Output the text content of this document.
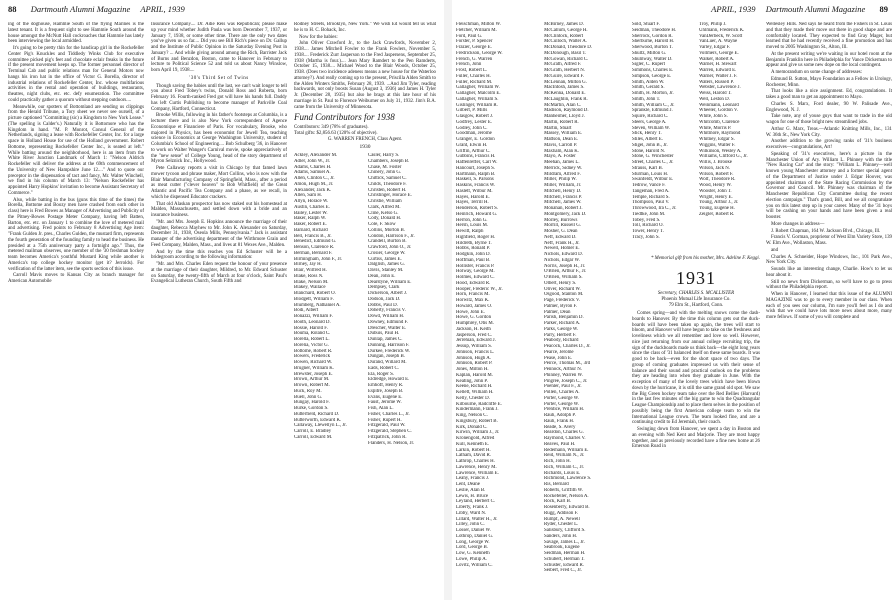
88 Dartmouth Alumni Magazine APRIL, 1939

ing of the doghouse, Hammie South of the flying Marines is the latest tenant. It is a frequent sight to see Hammie South around the house amongst the McNutt Hall cockroaches that Hammie has lately been interviewing the local armidded.

It's going to be pretty thin for the handicap girl in the Rockefeller Center Pig's Knuckles and Tiddledy Winks Club for executive committee picked pig's feet and chocolate eclair freaks in the future if the present movement keeps up. The former personnel director of Terminal Cab and public relations man for General Motors now hangs his iron hat in the office of Victor G. Borella, director of industrial relations of Rockefeller Center, Inc. whose multifarious activities in the rental and operation of buildings, restaurants, theatres, night clubs, etc. etc. defy enumeration. The committee could practically gather a quorum without stepping outdoors....

Meanwhile, our spotters of Bottomland are sending us clippings from the Herald Tribune, a Tory sheet we never see ourself, of a picture captioned "Committing (sic) a Kingdom to New York Lease." (The spelling is Calder's.) Naturally it is Bottomore who has the Kingdom in hand. "M. P. Monrot, Consul General of the Netherlands, signing a lease with Rockefeller Center, Inc. for a large space in Holland House for use of the Holland government. Robert Bottome, representing Rockefeller Center Inc., is seated at left." While batting around the neighborhood, here is an item from the White River Junction Landmark of March 1: "Nelson Aldrich Rockefeller will deliver the address at the 69th commencement of the University of New Hampshire June 12...." And to quote our preceptor in the dispensation of tact and fancy, Mr. Walter Winchell, we find in his column of March 13: "Nelson Rockefeller has appointed Harry Hopkins' invitation to become Assistant Secretary of Commerce."

Also, while batting in the bus (guns this time of the times) the Borella, Bottome and Boozy men have crashed from each other in class) here is Fred Bowes as Manager of Advertising and Publicity of the Pitney-Bowes Postage Meter Company, having left Batten, Barton, etc. etc. on January 1 to combine the love of metered mail and advertising. Fred points to February 8 Advertising Age item: "Frank Gulden Jr. pres., Charles Gulden, the mustard firm, represents the fourth generation of the founding family to head the business. He presided at a 75th anniversary party a fortnight ago." Thus, the metered mailman observes, one member of the '30 freshman hockey team becomes America's youthful Mustard King while another is America's top college hockey monitor (get it? Jerrolds). For verification of the latter item, see the sports section of this issue.

Carroll Mavis moves to Kansas City as branch manager for American Automobile

Insurance Company.... Dr. Adie Reis was Republican; please make up your mind whether Judith Paula was born December 7, 1937, or January 7, 1938, or some other time. There are the only two dates you've given us so far.... Did you see Bill Rich's piece on Dr. Gallup and the Institute of Public Opinion in the Saturday Evening Post in January? ... And while giving around among the Rich, Barrister Jack of Burns and Benzdon, Boston, came to Hanover in February to lecture to Political Science 52 and told us about Nancy Winslow, born April 19, 1938....

'30's Third Set of Twins

Though saving the babies until the last, we can't wait longer to tell you about Fred Tobey's twins, Donald Ross and Roberta, born February 16. Fourth-ranked Fred got will have his hands full. Daddy has left Curtis Publishing to become manager of Parkville Coal Company, Hartford, Connecticut.

Brooke Willis, following in his father's footsteps at Columbia, is a lecturer there and is also New York correspondent of Agence Economique et Financiere of Paris. For vocabulary, Brooke, who majored in Physics, has been economist for Jewell Tea, teaching science in Economics at George Washington University, student of Columbia's School of Engineering.... Bob Schulberg '36, in Hanover to work on Walter Wanger's Carnival movie, spoke appreciatively of the "new sense" of College Young, head of the story department of Myron Selznick Inc., Hollywood.

Pete Callaway reports a visit in Chicago by that famed lawn mower tycoon and phrase maker, Mort Collins, who is now with the Blair Manufacturing Company of Springfield, Mass., after a period as meat cutter ("clever heaven" to Bob Whitfield) of the Great Atlantic and Pacific Tea Company and a phase, as we recall, in which he dispensed Educator crackers.

That old Alaskan prospector has now staked out his homestead at Malden, Massachusetts, and settled down with a bride and an insurance business.

"Mr. and Mrs. Joseph E. Hopkins announce the marriage of their daughter, Rebecca Mayhew to Mr. John K. Alexander on Saturday, December 31, 1938, Oseola Mills, Pennsylvania." Jack is assistant manager of the advertising department of the Wirthmore Grain and Feed Company, Malden, Mass., and lives at 81 Wexes Ave., Malden.

And by the time this reaches you Ed Schuster will be a bridegroom according to the following information:

"Mr. and Mrs. Charles Eden request the honour of your presence at the marriage of their daughter, Mildred, to Mr. Edward Schuster on Saturday, the twenty-fifth of March at four o'clock, Saint Paul's Evangelical Lutheran Church, South Fifth and

Rodney Streets, Brooklyn, New York." We wish Ed would tell us what he is to H. C. Bohack, Inc.

Now for the babies:

John Oliver Crawford Jr., to the Jack Crawfords, November 2, 1938.... James Mitchell Fowler to the Frank Fowlers, November 5, 1938.... Frederick Zurr Jasperson to the Fred Jaspersens, September 25, 1938 (Martha is four.).... Jean Mary Ramdert to the Pen Ramderts, October 15, 1938.... Michael Wood to the Blair Woods, October 25, 1938. (Does two incidence adeness means a new house for the Waterloo attorney?). And really coming up to the present, Priscilla Alden Smith to the Alden Winters Smiths, February 28, 1939. ...And Jim Tyler, reading backwards, not only boosts Susan (August 3, 1936) and James H. Tyler Jr. (December 28, 1935) but also he brags at this late hour of his marriage in St. Paul to Florence Weiburner on July 31, 1932. Jim's B.A. came from the University of Minnesota.

Fund Contributors for 1938
Contributors: 349 (78% of graduates).
Total gifts: $2,856.63 (120% of objective).
G. WARREN FRENCH, Class Agent.
1930
Ackley, Alexander M.
Adler, John W., Jr.
Adams, Charles H.
Adams, Samuel A.
Allen, Clinton C., Jr.
Amon, Hugh M., Jr.
Alexander, Jack K.
Allen, Sam H.
Allyn, Horace W.
Austin, Charles E.
Bailey, Lester W.
Baker, Ralph W.
Baker, Robert E.
Barnard, Richard
Bell, Francis B., Jr.
Benedict, Edmund G.
Benson, Clarence R.
Berman, Bernard F.
Birmingham, John F., Jr.
Birney, Jay H.
Blair, Wilfred H.
Blake, Ross N.
Blake, Nelson M.
Blakey, Wallace
Blanchard, Robert O.
Blodgett, William F.
Blumberg, Nathaniel A.
Bodi, Albert
Bonazzi, William F.
Booth, Leonard D.
Bossie, Harold F.
Bouma, Roland C.
Borella, Robert L.
Borelia, Victor G.
Bottome, Robert R.
Bowers, Frederick
Bowen, Richard W.
Brugner, William K.
Brewster, Joseph E.
Brown, Arthur M.
Brown, Robert M.
Buck, Roy M.
Buell, John G.
Bungay, Harold F.
Burke, Gordon S.
Butterfield, Richard D.
Butterworth, Edward K.
Callaway, Llewellyn L., Jr.
Carroll, E. Bradley
Carroll, Edward M.
Casler, Harry S.
Chambers, Joseph B.
Chase, M. Foster
Chinery, John G.
Chittick, Samuel C.
Childs, Theodore F.
Christen, Robert H.
Christinger, Horace E.
Christie, William
Clark, Alfred M.
Cline, Kelso G.
Cody, Donald H.
Cole, F. Skow
Collins, Morton B.
Condon, Harrison F., Jr.
Crandell, Burton B.
Crawford, John O., Jr.
Crosier, George W.
Curtiss, James E.
Dalglish, James G.
Davis, Stanley M.
Dean, John E.
Dearstyne, William E.
Dempsey, Clark
Dickerson, Albert J.
Dodson, Jack D.
Dobbs, Paul D.
Doherty, Francis V.
Dowd, William H.
Downey, Edmund F.
Drescher, Walter E.
Dubuis, Paul H.
Dunlap, James C.
Dunning, Harrison F.
Durkee, Frederick W.
Dungan, Joseph B.
Durand, Willard M.
Eads, Robert C.
Ela, Roger S.
Eldredge, Howard E.
Emhoff, Henry R.
Espitre, Joseph B.
Evans, Eugene E.
Faust, Jerome W.
Fish, Alan L.
Fisher, Charles L., Jr.
Fisher, Rupert H.
Fitzgerald, Paul W.
Fitzgerald, Stephen C.
Fitzpatrick, John R.
Flanders, H. Nelson, Jr.
APRIL, 1939 Dartmouth Alumni Magazine 89
Fleischman, Milton W.
Fletcher, William M.
Ford, Paul G.
Forster, P. Spencer
Frazier, George E.
Fredrickson, George W.
French, G. Warren
French, John
Frost, Robert L.
Fuller, Charles H.
Fuller, Richard M.
Gallagher, William W.
Gallagher, Malcolm E.
Gallagher, William S.
Gislinger, William R.
Gilbert, P. Mills
Glasgow, Robert J.
Godfrey, Lester E.
Godley, John C.
Goodman, Jerome
Granger, E. Gordon
Grant, Elwin H.
Griffin, Arthur C.
Gubbins, Francis H.
Haffenreffer, Carl W.
Hancourt, Joseph S.
Hartmann, Ralph B.
Haskell, S. Parsons
Haskins, Francis W.
Haslett, Wilbur M.
Hayes, Harold E.
Hayes, Terrill H.
Henderson, Robert S.
Heinrich, Howard G.
Herron, John G.
Hersh, Louis M.
Hewitt, Ralph
Highfield, Roger H.
Hildreth, Byrne T.
Hobbs, Ronald P.
Hodgkin, John D.
Hoffman, Paul B.
Hollister, Francis P.
Holway, George M.
Holmes, Edward C.
Hood, Edward R.
Hooper, Frederic W., Jr.
Horn, Francis M.
Horwitz, Max K.
Howard, James O.
Howe, John E.
Howe, G. Gordon
Humphrey, Otis M.
Jackson, H. Keith
Jasperson, Fred C.
Jerrehian, Edward J.
Jessup, William S.
Johnson, Francis L.
Johnson, Hugh A.
Johnson, Robert P.
Jones, Milton H.
Kaplan, Harold M.
Keating, John P.
Keene, Richard H.
Kellett, William H.
Kelly, Chester D.
Kilbourne, Radcliffe E.
Kindermann, Frank J.
King, Nelson C.
Kingsbury, Robert B.
Kirk, Donald C.
Kirwin, William J., Jr.
Kronengold, Alfred
Kull, Kenneth E.
Larkin, Robert H.
Latham, David R.
Lathrop, Charles H.
Lawrence, Henry M.
Lawrence, William E.
Leahy, Francis J.
Lent, Deane
Leslie, Alan B.
Lewis, H. Bruce
Leyland, Herbert C.
Liberty, Frank J.
Libby, Ward N.
Lillard, Walter H., Jr.
Lilley, John C.
Losser, Daniel W.
Lothrop, Daniel G.
Long, George W.
Lord, George B.
Low, G. Kenneth
Lowe, Philip A.
Lovitz, William C.
McBirney, James D.
McCallum, George H.
McClintock, Robert
McCulloch, Walter A.
McDonald, Theodore D.
McDonough, Basil T.
McGowan, Richard C.
McGrath, Alfred F.
McGrath, Herbert N.
McGuire, Edward F.
McLennan, Milton G.
MacIntosh, James S.
McKenna, Donald E.
McLaughlin, Frank R.
McMartin, Alan C.
Madison, Raymond D.
Manheimer, Lloyd J.
Martin, Robert R.
Martin, Stuart
Massey, William E.
Mattson, Dean E.
Mavis, Carroll P.
Maxham, Alan K.
Mayo, A. Foster
Meehan, James L.
Merrick, Sidney W.
Mildram, Alfred F.
Miller, Philip W.
Miller, William, Jr.
Mitchell, Henry D.
Mitchell, Francis P.
Mitchell, James W.
Monahan, Robert J.
Montgomery, Jack D.
Morley, Burrows
Morrill, Russell G.
Mosher, G. Dean
Neff, Edward D.
Neff, Frank H., Jr.
Newell, Homer E.
Nichols, Edward D.
Nichols, Edgar W.
Norris, Joseph H., Jr.
O'Brien, Arthur F., Jr.
O'Brien, William S.
Olbert, Henry S.
Oliver, Richard W.
Osgood, Stanton M.
Page, Frederick V.
Palmer, Byron F.
Palmer, Dean
Parish, Benjamin D.
Parker, Richard A.
Parks, George W.
Parry, Herbert F.
Peabody, Richard
Peacock, Charles D., Jr.
Pearce, Jerome
Pease, John E.
Peirce, Thomas M., 3rd
Pennock, Arthur N.
Phinney, Warren W.
Pingree, Joseph C., Jr.
Poehler, Paul F., Jr.
Pollen, Charles A.
Porter, George W.
Porter, George W.
Prentice, William H.
Rauh, Adolph P.
Rauh, Frank H.
Reade, S. Avery
Reardon, Charles G.
Raymond, Charles V.
Reaves, Paul H.
Redemann, William E.
Reid, William N., Jr.
Rich, John H.
Rich, William C., Jr.
Richards, Louis E.
Richmond, Lawrence S.
Ris, Bernard
Roberts, Griffith W.
Rockefeller, Nelson A.
Rock, Karl B.
Rosenberry, Edward B.
Rugg, Addison F.
Rumpf, A. Newell
Ryder, Chester L.
Salisbury, Clifford S.
Sanders, John H.
Savage, James L., Jr.
Seabrook, Eugene
Seidman, Herman H.
Schubert, Herman T.
Schuster, Edward R.
Seibert, Fred C., Jr.
Sold, Stuart F.
Seidman, Theodore H.
Sherrock, Gordon R.
Sherburne, Harold H.
Sherwood, Burton T.
Shultz, Milton G.
Shumway, Walter D.
Sigler, C. Rupert
Simmons, Charles E.
Simpson, George E.
Smith, Alden W.
Smith, Gerald S.
Smith, H. Morton, Jr.
Smith, John T.
Smith, William C., Jr.
Spranklé, Edmund J.
Squire, Richard C.
Steers, George A.
Steven, William W.
Stick, Henry T.
Stiles, Albert E.
Stigel, John B., Jr.
Stone, Harold N.
Stone, G. Winchester
Street, Charles C., Jr.
Strauss, Karl B.
Sturman, Louis H.
Swanfeldt, Wilbur E.
Tedrow, Vance F.
Tangeman, Fred A.
Temple, Richard S.
Thompson, Paul V.
Throwwood, Ira C., Jr.
Tiedtke, John M.
Tobey, Fred S.
Toll, Richard O.
Tower, Henry T.
Tracy, John S.
Troy, Philip J.
Uhlmann, Frederick K.
VanDerbeck, W. Scott
VanLuer, A. Wayne
Varley, Edgar F.
Vollmers, George E.
Walker, Robert A.
Warner, H. Stewart
Warren, Edward E.
Warner, Walter J. F.
Waters, Russell P.
Webster, Lawrence J.
Weiss, Harold T.
Well, Leston D.
Weinmann, Leonard
Wheeler, Gordon V.
White, John S.
Whitcomb, Clarence
White, Morris P.
Whitmore, Raymond
Whitney, Edgar S.
Wiggins, Walter F.
Wilkinson, Wesley A.
Williams, Clifford G., Jr.
Willis, J. Brooke
Wilson, Jack N.
Wilson, Robert F.
Wolf, Theodore R.
Wood, Henry W.
Wooster, John T.
Wright, Henry E.
Young, Arthur J., Jr.
Young, Eugene H.
Zeigler, Robert R.
* Memorial gift from his mother, Mrs. Adeline F. Keggi.
1931
Secretary, CHARLES S. MCALLISTER
Phoenix Mutual Life Insurance Co.
79 Elm St., Hartford, Conn.

Comes spring—and with the melting snows come the dash-boards to Hanover. By the time this column gets out the duck-boards will have been taken up again, the trees will start to bloom, and Hanover will have begun to take on the freshness and loveliness which we all remember and love so well. However, nice just returning from our annual college recruiting trip, the sign of the duckboards made us think back—the eight long years since the class of '31 balanced itself on these same boards. It was good to be back—even for the short space of two days. The group of coming graduates impressed us with their sense of balance and their sound and practical outlook on the problems they are heading into when they graduate in June. With the exception of many of the lovely trees which have been blown down by the hurricane, it is still the same grand old spot. We saw the Big Green hockey team take over the Red Bellies (Harvard) in the last few minutes of the big game to win the Quadrangular League Championship and to place them selves in the position of possibly being the first American college team to win the International League crown. The team looked fine, and are a continuing credit to Ed Jeremiah, their coach.

Swinging down from Hanover, we spent a day in Boston and an evening with Ned Kent and Marjorie. They are most happy together, and as previously recorded have a fine new home at 26 Emerson Road in

Wellesley Hills. Ned says he heard from the Fishers in St. Louis and that they made their move out there in good shape and are comfortably located. They expected to find Gray Mager, but learned that he had recently received a fine promotion and has moved to 2005 Washington St., Alton, Ill.

At the present writing we're waiting in our hotel room at the Benjamin Franklin here in Philadelphia for Vance Dickerman to appear and give us some new dope on the local contingent.

A memorandum on some change of addresses:

Edmund B. Sutton, Mayo Foundation as a Fellow in Urology, Rochester, Minn.

That looks like a nice assignment. Ed, congratulations. It takes a good man to get an appointment to Mayo.

Charles S. Marx, Ford dealer, 90 W. Palisade Ave., Englewood, N. J.

Take note, any of youse guys that want to trade in the old wagon for one of those bright new streamlined jobs.

Arthur G. Marx, Treas.—Atlantic Knitting Mills, Inc., 131 W. 36th St., New York City.

Another addition to the growing ranks of '31's business executives—congratulations, Art!

Speaking of '31's executives, here's a picture in the Manchester Union of Ary. William L. Phinney with the title "New Racing Car" and the story: "William L. Phinney—well known young Manchester attorney and a former special agent of the Department of Justice under J. Edgar Hoover, was appointed chairman of the State Racing Commission by the Governor and Council. Mr. Phinney was chairman of the Manchester Republican City Committee during the recent election campaign." That's grand, Bill, and we all congratulate you on this latest step up in your career. Many of the '31 boys will be cashing on your hands and have been given a real booster.

More changes in address—

J. Robert Chapman, 164 W. Jackson Blvd., Chicago, Ill.

Francis V. Gorman, proprietor of West Elm Variety Store, 139 W. Elm Ave., Wollaston, Mass.

and

Charles A. Schneider, Hope Windows, Inc., 101 Park Ave., New York City.

Sounds like an interesting change, Charlie. How's to let us hear about it.

Still no news from Dickerman, so we'll have to go to press without the Philadelphia report.

When in Hanover, I learned that this issue of the ALUMNI MAGAZINE was to go to every member in our class. When each of you sees our column, I'm sure you'll feel as I do and wish that we could have lots more news about more, many more fellows. If some of you will complete and
